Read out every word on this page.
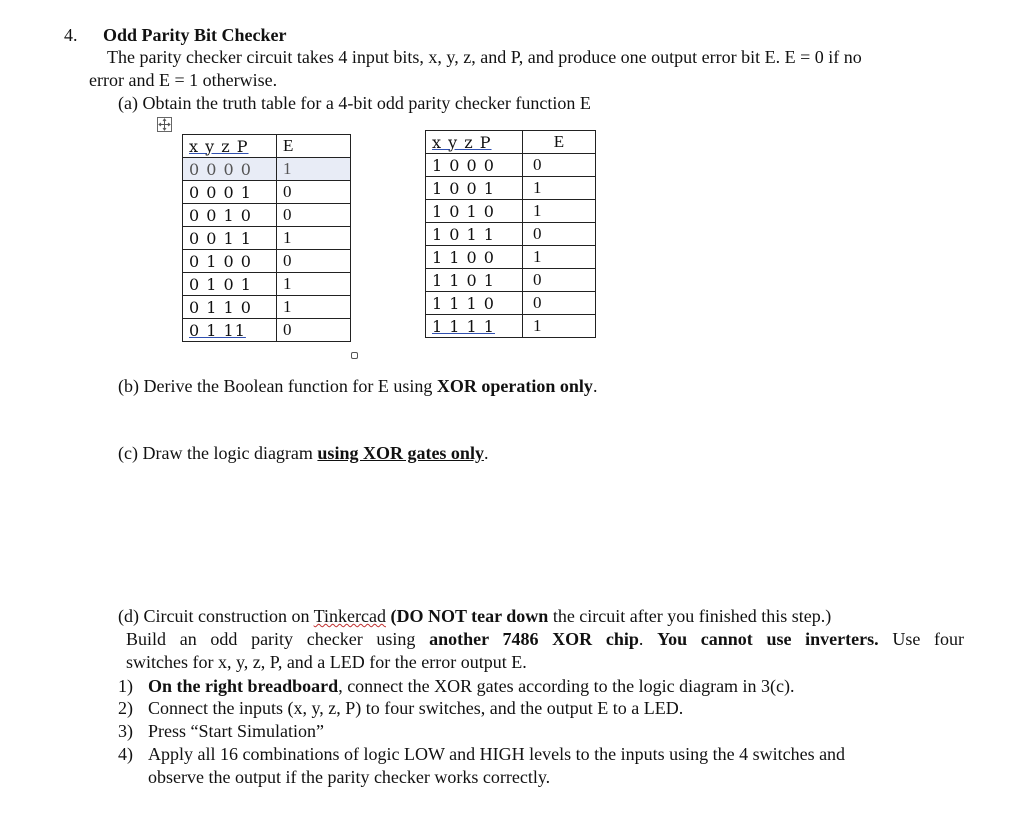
4. Odd Parity Bit Checker
The parity checker circuit takes 4 input bits, x, y, z, and P, and produce one output error bit E. E = 0 if no
error and E = 1 otherwise.
(a) Obtain the truth table for a 4-bit odd parity checker function E
x y z P	E
0 0 0 0	1
0 0 0 1	0
0 0 1 0	0
0 0 1 1	1
0 1 0 0	0
0 1 0 1	1
0 1 1 0	1
0 1 11	0
x y z P	E
1 0 0 0	0
1 0 0 1	1
1 0 1 0	1
1 0 1 1	0
1 1 0 0	1
1 1 0 1	0
1 1 1 0	0
1 1 1 1	1
(b) Derive the Boolean function for E using XOR operation only.
(c) Draw the logic diagram using XOR gates only.
(d) Circuit construction on Tinkercad (DO NOT tear down the circuit after you finished this step.)
Build an odd parity checker using another 7486 XOR chip. You cannot use inverters. Use four
switches for x, y, z, P, and a LED for the error output E.
1) On the right breadboard, connect the XOR gates according to the logic diagram in 3(c).
2) Connect the inputs (x, y, z, P) to four switches, and the output E to a LED.
3) Press “Start Simulation”
4) Apply all 16 combinations of logic LOW and HIGH levels to the inputs using the 4 switches and
observe the output if the parity checker works correctly.
